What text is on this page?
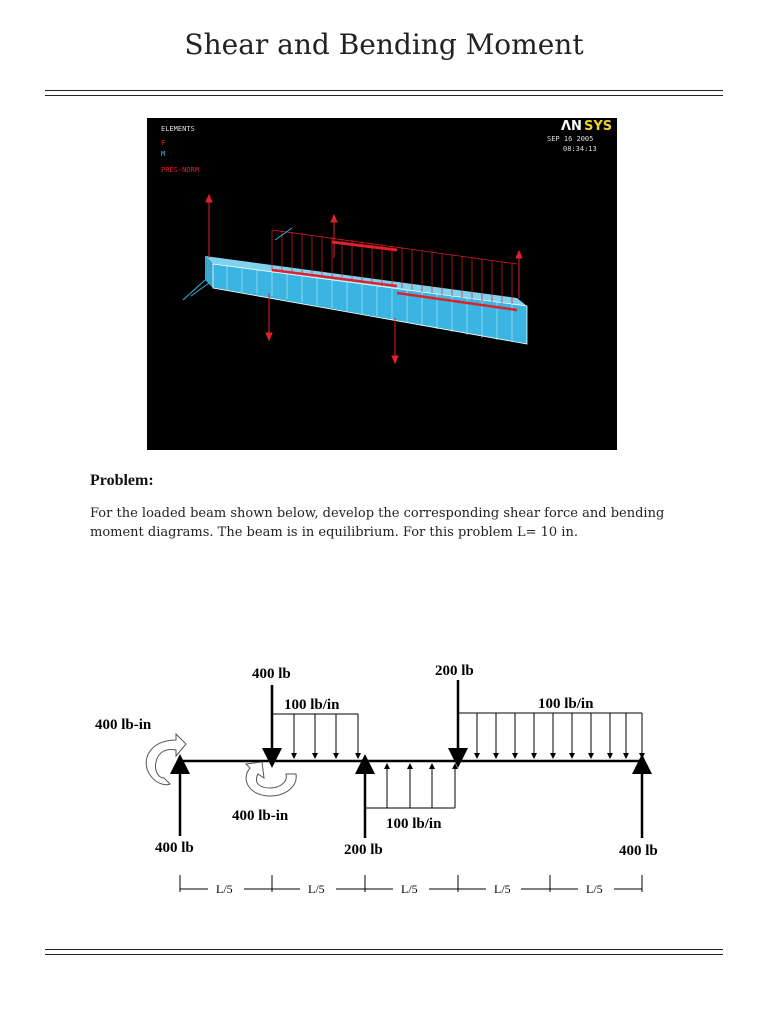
Shear and Bending Moment
ELEMENTS
F
M
PRES-NORM
ΛN SYS
SEP 16 2005
08:34:13
Problem:
For the loaded beam shown below, develop the corresponding shear force and bending
moment diagrams. The beam is in equilibrium. For this problem L= 10 in.
400 lb-in
400 lb-in
400 lb
100 lb/in
200 lb
100 lb/in
100 lb/in
400 lb	200 lb	400 lb
L/5	L/5	L/5	L/5	L/5
